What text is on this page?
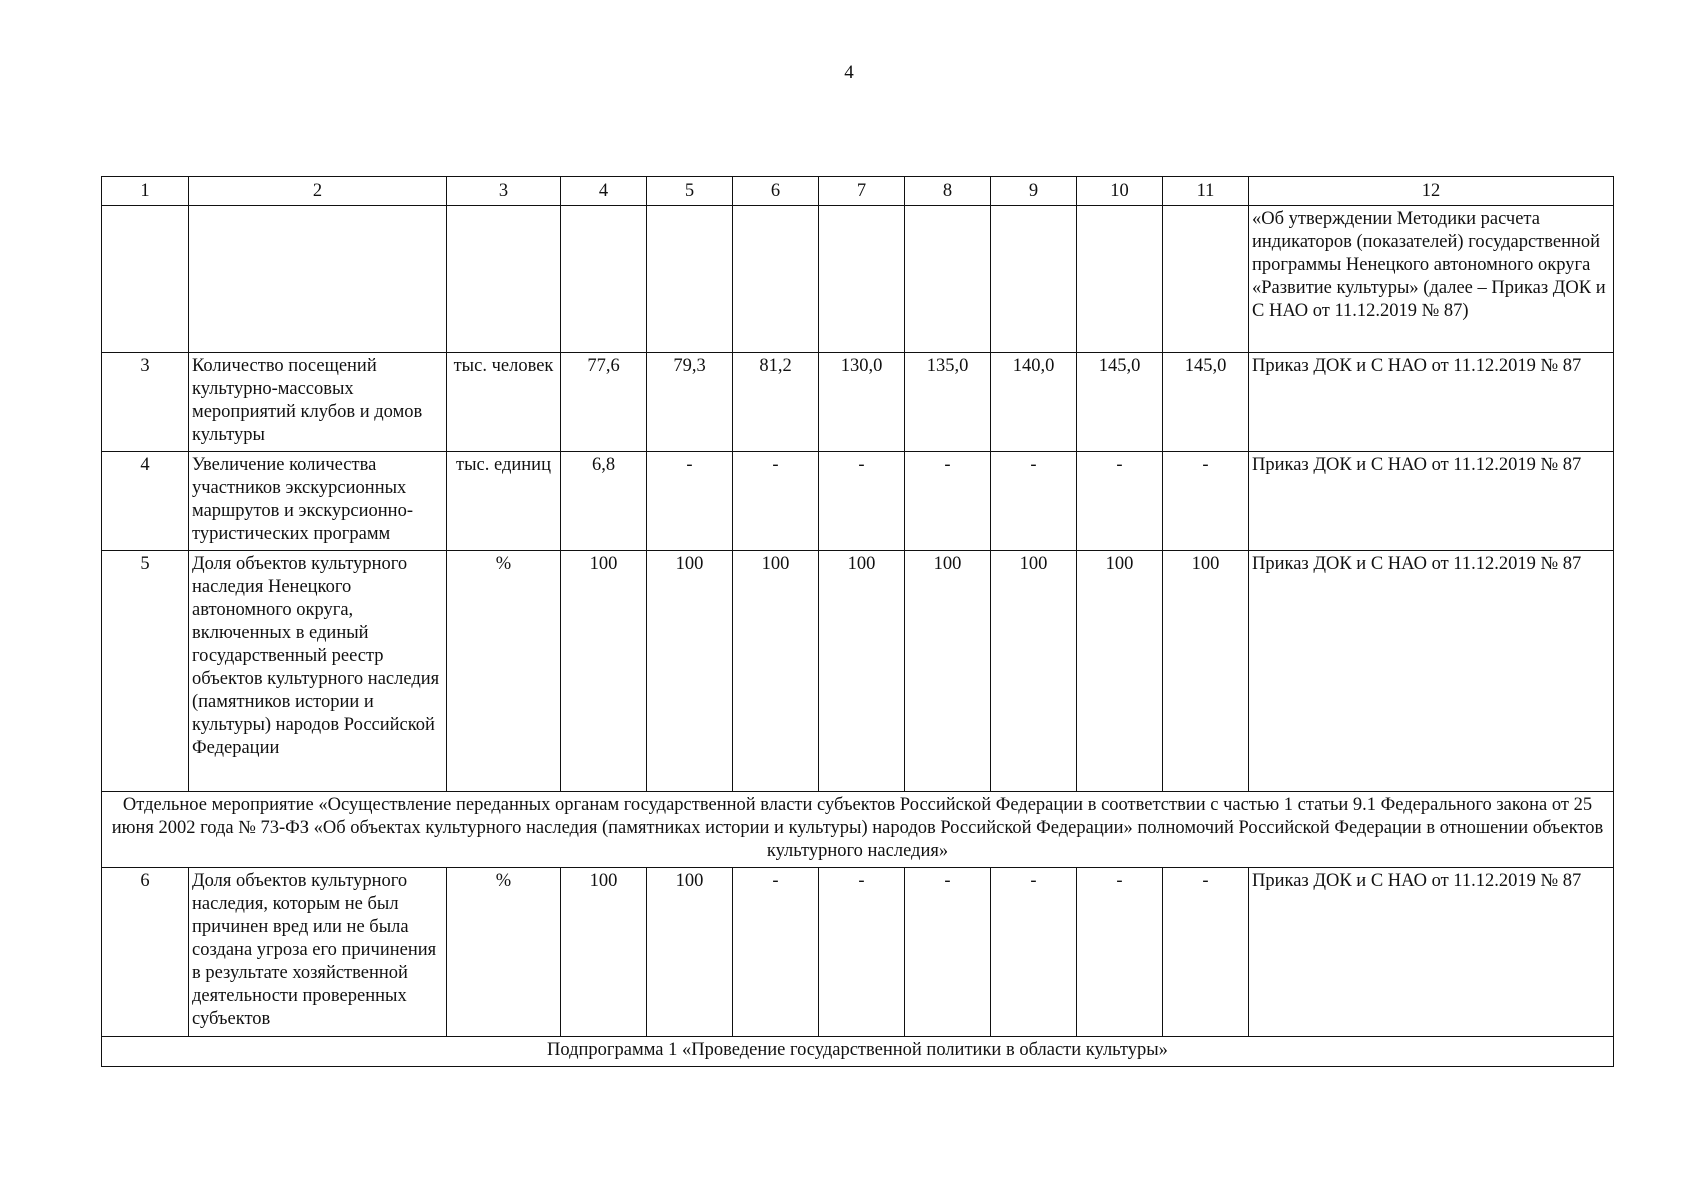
4
1	2	3	4	5	6	7	8	9	10	11	12
											«Об утверждении Методики расчета индикаторов (показателей) государственной программы Ненецкого автономного округа «Развитие культуры» (далее – Приказ ДОК и С НАО от 11.12.2019 № 87)
3	Количество посещений культурно-массовых мероприятий клубов и домов культуры	тыс. человек	77,6	79,3	81,2	130,0	135,0	140,0	145,0	145,0	Приказ ДОК и С НАО от 11.12.2019 № 87
4	Увеличение количества участников экскурсионных маршрутов и экскурсионно-туристических программ	тыс. единиц	6,8	-	-	-	-	-	-	-	Приказ ДОК и С НАО от 11.12.2019 № 87
5	Доля объектов культурного наследия Ненецкого автономного округа, включенных в единый государственный реестр объектов культурного наследия (памятников истории и культуры) народов Российской Федерации	%	100	100	100	100	100	100	100	100	Приказ ДОК и С НАО от 11.12.2019 № 87
Отдельное мероприятие «Осуществление переданных органам государственной власти субъектов Российской Федерации в соответствии с частью 1 статьи 9.1 Федерального закона от 25 июня 2002 года № 73-ФЗ «Об объектах культурного наследия (памятниках истории и культуры) народов Российской Федерации» полномочий Российской Федерации в отношении объектов культурного наследия»											
6	Доля объектов культурного наследия, которым не был причинен вред или не была создана угроза его причинения в результате хозяйственной деятельности проверенных субъектов	%	100	100	-	-	-	-	-	-	Приказ ДОК и С НАО от 11.12.2019 № 87
Подпрограмма 1 «Проведение государственной политики в области культуры»											
